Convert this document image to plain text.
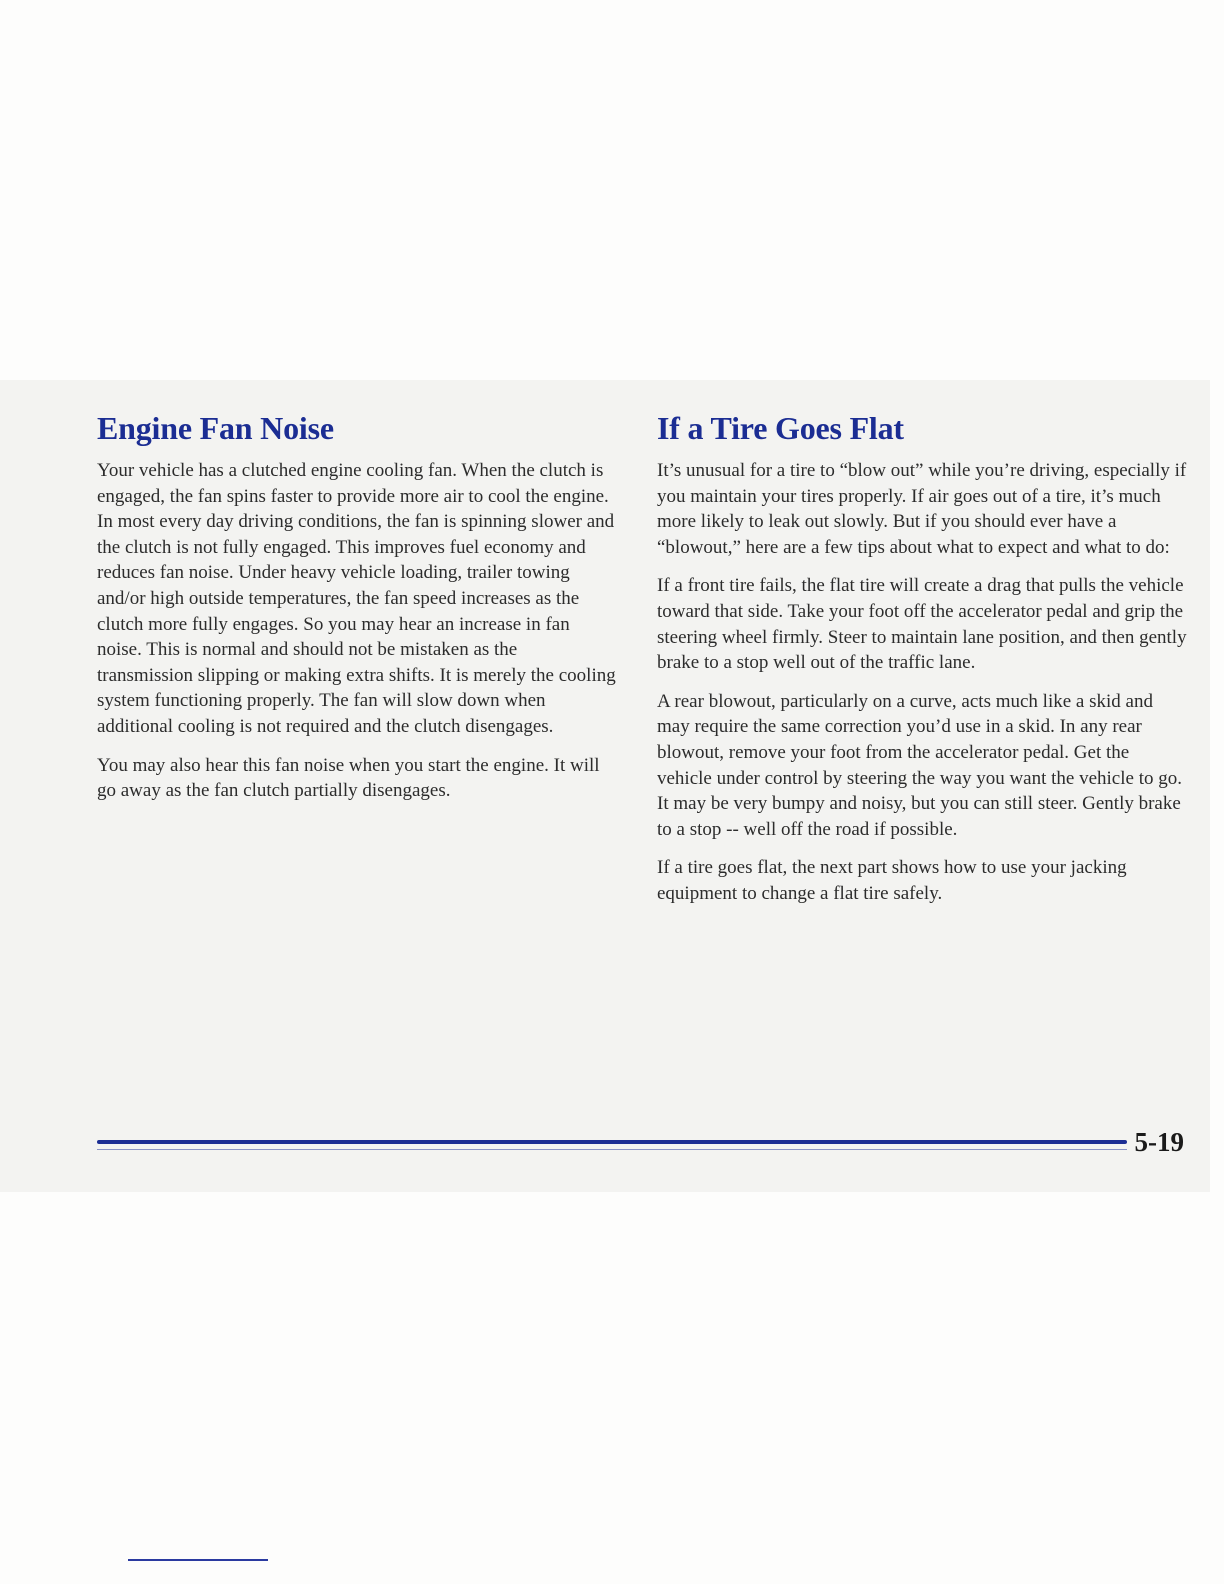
Engine Fan Noise

Your vehicle has a clutched engine cooling fan. When the clutch is engaged, the fan spins faster to provide more air to cool the engine. In most every day driving conditions, the fan is spinning slower and the clutch is not fully engaged. This improves fuel economy and reduces fan noise. Under heavy vehicle loading, trailer towing and/or high outside temperatures, the fan speed increases as the clutch more fully engages. So you may hear an increase in fan noise. This is normal and should not be mistaken as the transmission slipping or making extra shifts. It is merely the cooling system functioning properly. The fan will slow down when additional cooling is not required and the clutch disengages.

You may also hear this fan noise when you start the engine. It will go away as the fan clutch partially disengages.

If a Tire Goes Flat

It’s unusual for a tire to “blow out” while you’re driving, especially if you maintain your tires properly. If air goes out of a tire, it’s much more likely to leak out slowly. But if you should ever have a “blowout,” here are a few tips about what to expect and what to do:

If a front tire fails, the flat tire will create a drag that pulls the vehicle toward that side. Take your foot off the accelerator pedal and grip the steering wheel firmly. Steer to maintain lane position, and then gently brake to a stop well out of the traffic lane.

A rear blowout, particularly on a curve, acts much like a skid and may require the same correction you’d use in a skid. In any rear blowout, remove your foot from the accelerator pedal. Get the vehicle under control by steering the way you want the vehicle to go. It may be very bumpy and noisy, but you can still steer. Gently brake to a stop -- well off the road if possible.

If a tire goes flat, the next part shows how to use your jacking equipment to change a flat tire safely.

5-19
